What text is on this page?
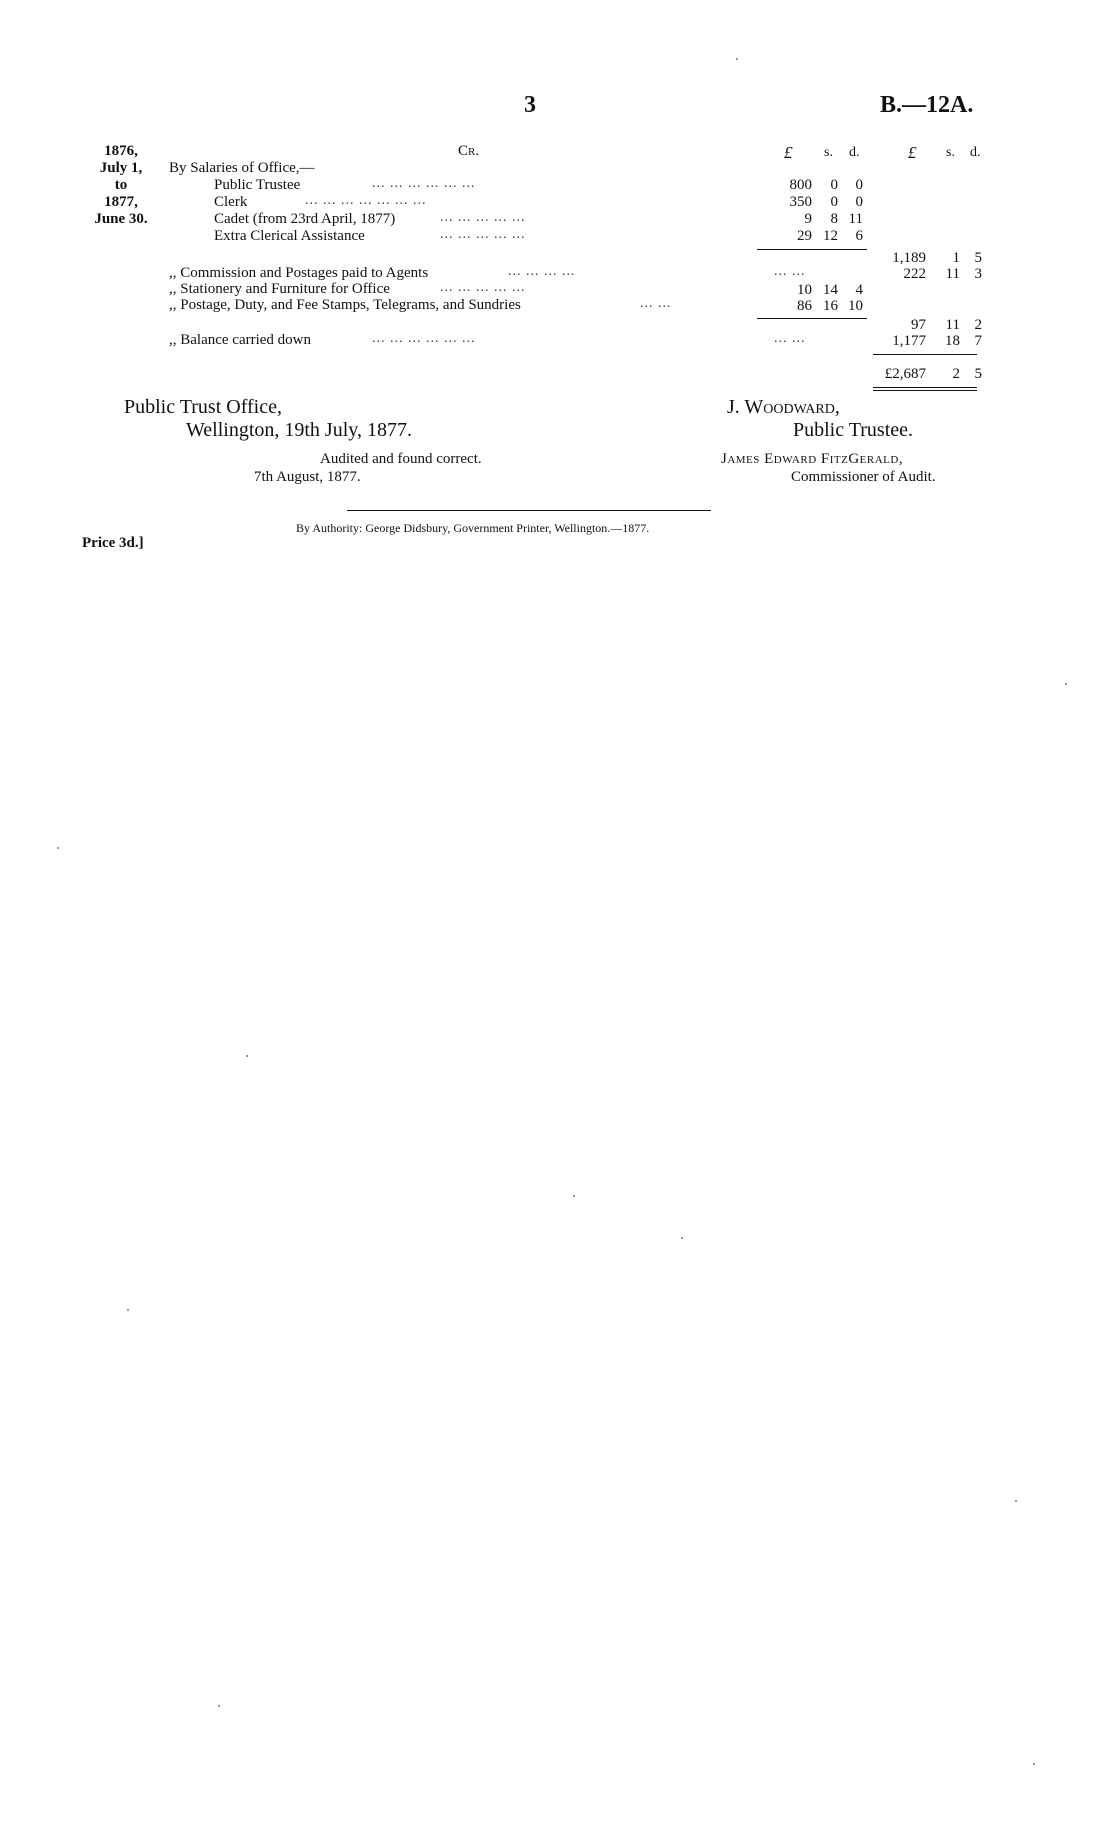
3	B.—12A.
1876,
July 1,
to
1877,
June 30.
Cr.	£ s. d.	£ s. d.
By Salaries of Office,—
Public Trustee	... ... ... ... ... ...	800	0	0
Clerk	... ... ... ... ... ... ...	350	0	0
Cadet (from 23rd April, 1877)	... ... ... ... ...	9	8 11
Extra Clerical Assistance	... ... ... ... ...	29 12	6
1,189	1 5
,, Commission and Postages paid to Agents	... ... ... ...	... ...	222	11 3
,, Stationery and Furniture for Office	... ... ... ... ...	10 14	4
,, Postage, Duty, and Fee Stamps, Telegrams, and Sundries	... ...	86 16 10
97	11 2
,, Balance carried down	... ... ... ... ... ...	... ...	1,177	18 7
£2,687	2 5
Public Trust Office,
Wellington, 19th July, 1877.
J. Woodward,
Public Trustee.
Audited and found correct.
7th August, 1877.
James Edward FitzGerald,
Commissioner of Audit.
By Authority: George Didsbury, Government Printer, Wellington.—1877.
Price 3d.]
